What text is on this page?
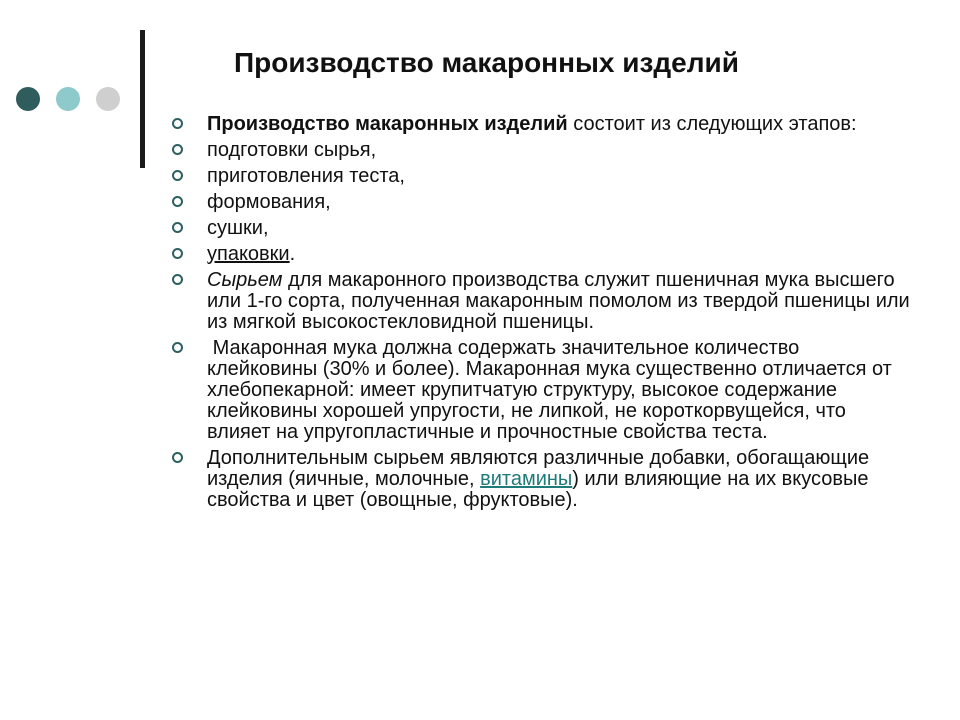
Производство макаронных изделий
Производство макаронных изделий состоит из следующих этапов:
подготовки сырья,
приготовления теста,
формования,
сушки,
упаковки.
Сырьем для макаронного производства служит пшеничная мука высшего или 1-го сорта, полученная макаронным помолом из твердой пшеницы или из мягкой высокостекловидной пшеницы.
Макаронная мука должна содержать значительное количество клейковины (30% и более). Макаронная мука существенно отличается от хлебопекарной: имеет крупитчатую структуру, высокое содержание клейковины хорошей упругости, не липкой, не короткорвущейся, что влияет на упругопластичные и прочностные свойства теста.
Дополнительным сырьем являются различные добавки, обогащающие изделия (яичные, молочные, витамины) или влияющие на их вкусовые свойства и цвет (овощные, фруктовые).
